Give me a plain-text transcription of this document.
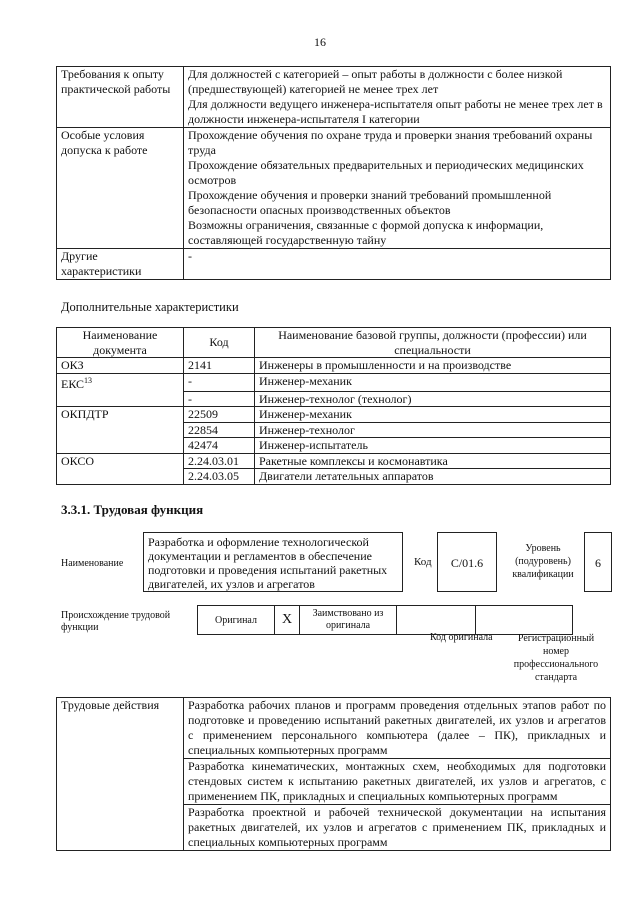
16
Требования к опыту практической работы	Для должностей с категорией – опыт работы в должности с более низкой (предшествующей) категорией не менее трех лет
Для должности ведущего инженера-испытателя опыт работы не менее трех лет в должности инженера-испытателя I категории

Особые условия допуска к работе	Прохождение обучения по охране труда и проверки знания требований охраны труда
Прохождение обязательных предварительных и периодических медицинских осмотров
Прохождение обучения и проверки знаний требований промышленной безопасности опасных производственных объектов
Возможны ограничения, связанные с формой допуска к информации, составляющей государственную тайну

Другие характеристики	-
Дополнительные характеристики
Наименование документа	Код	Наименование базовой группы, должности (профессии) или специальности
ОКЗ	2141	Инженеры в промышленности и на производстве
ЕКС$^{13}$	-	Инженер-механик
	-	Инженер-технолог (технолог)
ОКПДТР	22509	Инженер-механик
	22854	Инженер-технолог
	42474	Инженер-испытатель
ОКСО	2.24.03.01	Ракетные комплексы и космонавтика
	2.24.03.05	Двигатели летательных аппаратов
3.3.1. Трудовая функция
Наименование
Разработка и оформление технологической документации и регламентов в обеспечение подготовки и проведения испытаний ракетных двигателей, их узлов и агрегатов
Код	C/01.6
Уровень (подуровень) квалификации
6
Происхождение трудовой функции
Оригинал	X	Заимствовано из оригинала		
Код оригинала	Регистрационный номер профессионального стандарта
Трудовые действия	Разработка рабочих планов и программ проведения отдельных этапов работ по подготовке и проведению испытаний ракетных двигателей, их узлов и агрегатов с применением персонального компьютера (далее – ПК), прикладных и специальных компьютерных программ
	Разработка кинематических, монтажных схем, необходимых для подготовки стендовых систем к испытанию ракетных двигателей, их узлов и агрегатов, с применением ПК, прикладных и специальных компьютерных программ
	Разработка проектной и рабочей технической документации на испытания ракетных двигателей, их узлов и агрегатов с применением ПК, прикладных и специальных компьютерных программ
